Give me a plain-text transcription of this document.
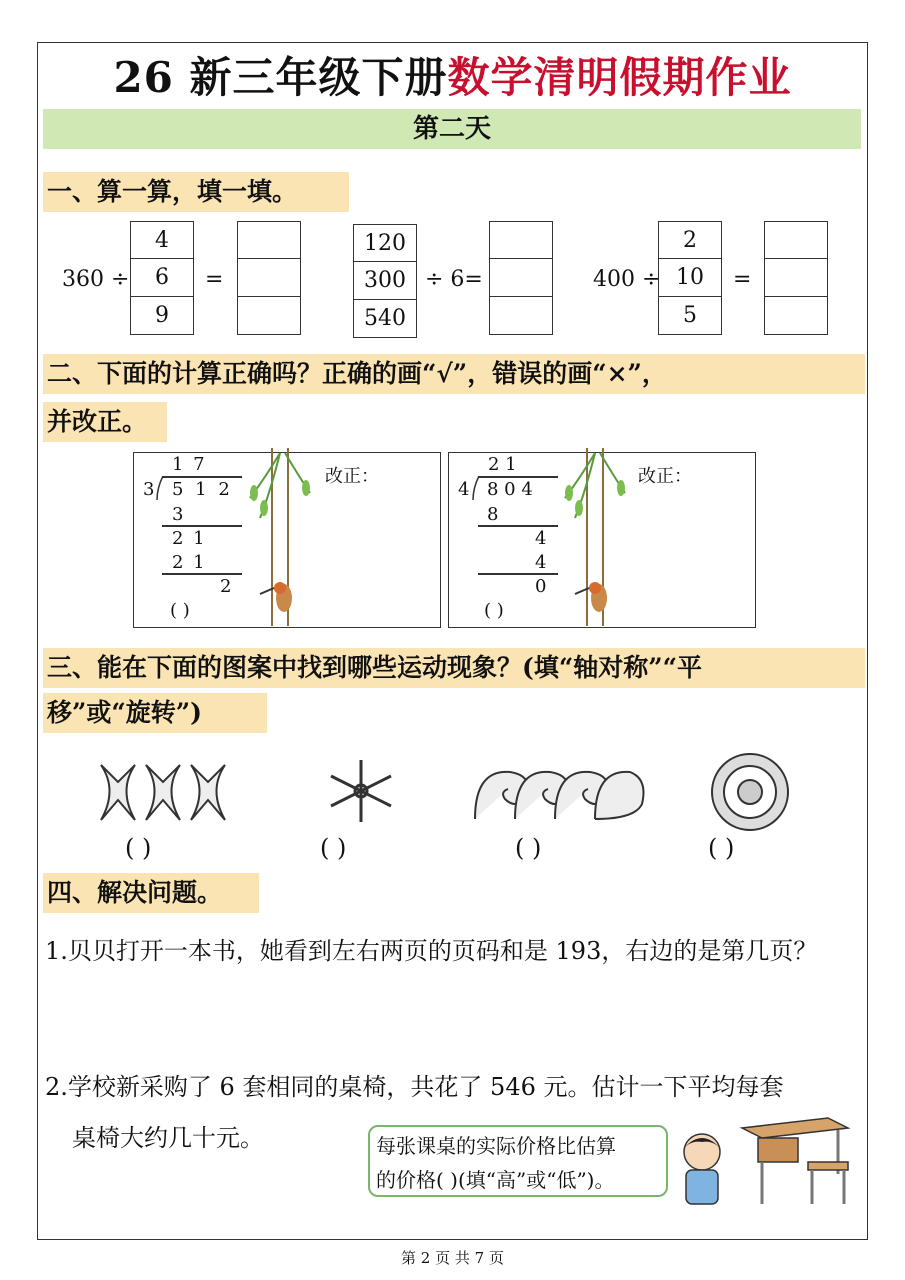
26 新三年级下册数学清明假期作业
第二天
一、算一算，填一填。
360 ÷
4
6
9
=
120
300
540
÷ 6=	400 ÷
2
10
5
=
二、下面的计算正确吗？正确的画“√”，错误的画“×”，
并改正。
1 7
3 5 1 2
3
2 1
2 1
2
( )
改正：
2 1
4 8 0 4
8
4
4
0
( )
改正：
三、能在下面的图案中找到哪些运动现象？(填“轴对称”“平
移”或“旋转”)
( )	( )	( )	( )
四、解决问题。
1.贝贝打开一本书，她看到左右两页的页码和是 193，右边的是第几页？
2.学校新采购了 6 套相同的桌椅，共花了 546 元。估计一下平均每套
桌椅大约几十元。	每张课桌的实际价格比估算
的价格( )(填“高”或“低”)。
第 2 页 共 7 页
